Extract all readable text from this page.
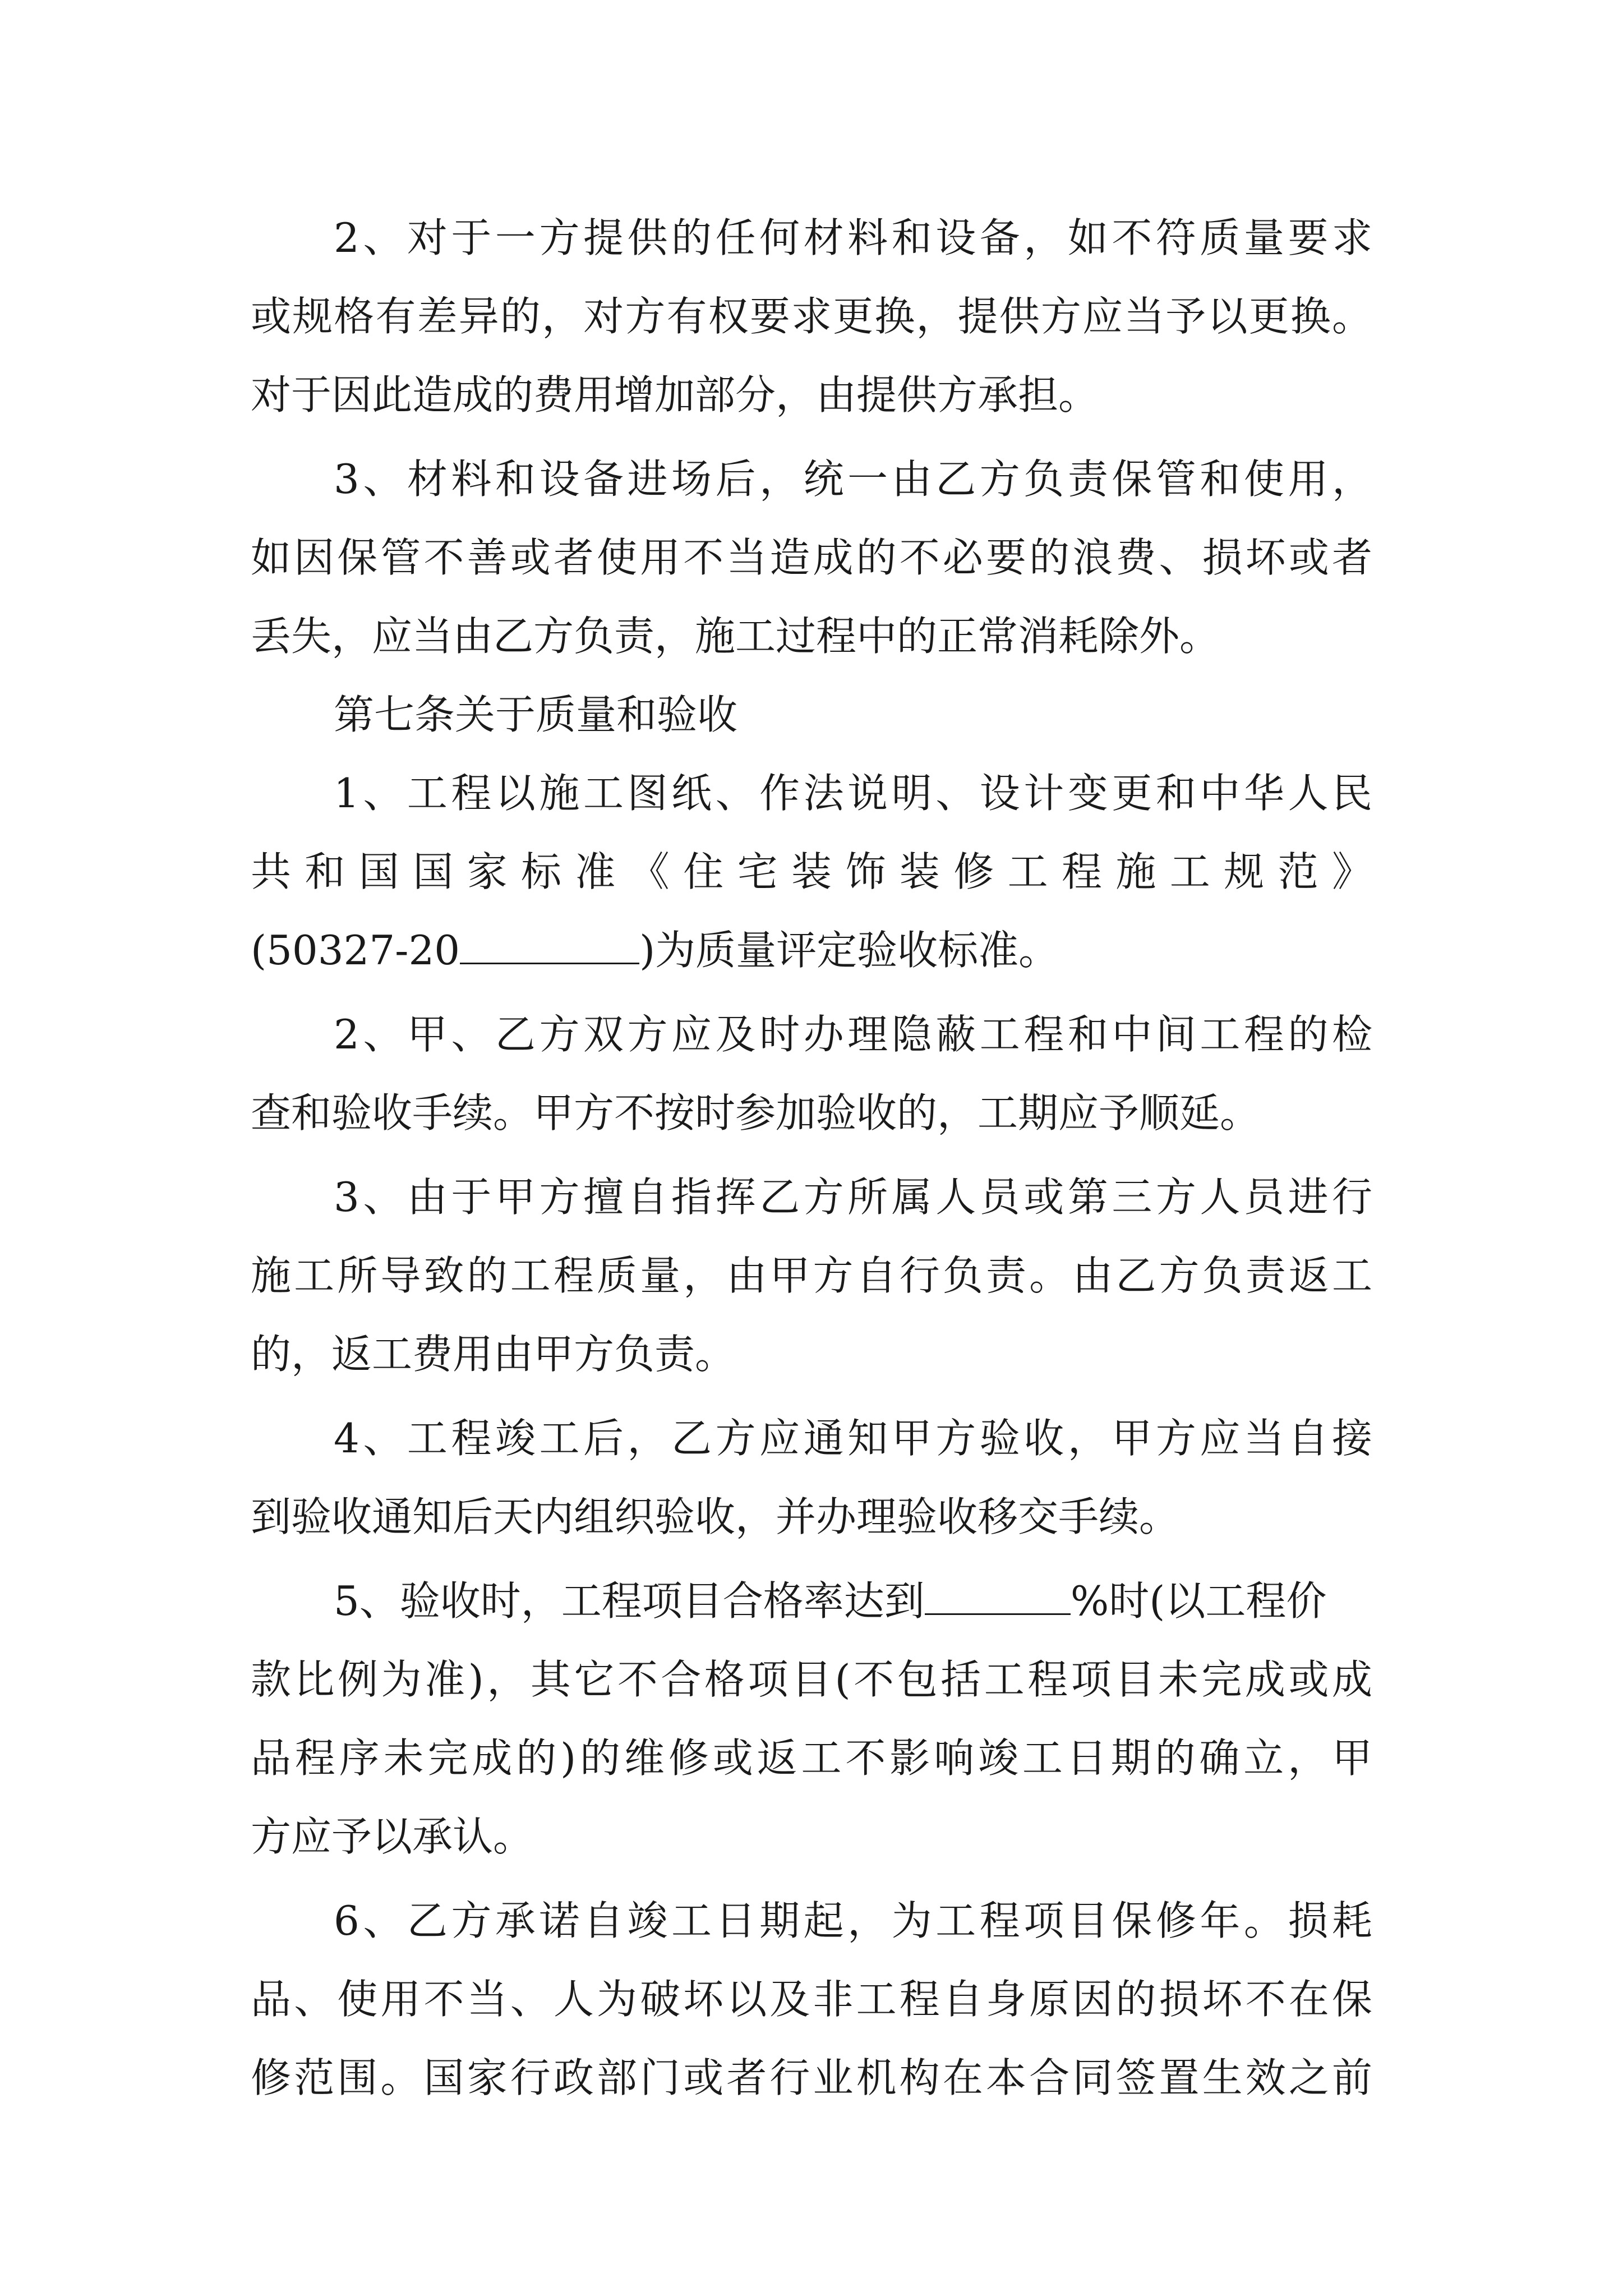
2、对于一方提供的任何材料和设备，如不符质量要求
或规格有差异的，对方有权要求更换，提供方应当予以更换。
对于因此造成的费用增加部分，由提供方承担。
3、材料和设备进场后，统一由乙方负责保管和使用，
如因保管不善或者使用不当造成的不必要的浪费、损坏或者
丢失，应当由乙方负责，施工过程中的正常消耗除外。
第七条关于质量和验收
1、工程以施工图纸、作法说明、设计变更和中华人民
共和国国家标准《住宅装饰装修工程施工规范》
(50327-20	)为质量评定验收标准。
2、甲、乙方双方应及时办理隐蔽工程和中间工程的检
查和验收手续。甲方不按时参加验收的，工期应予顺延。
3、由于甲方擅自指挥乙方所属人员或第三方人员进行
施工所导致的工程质量，由甲方自行负责。由乙方负责返工
的，返工费用由甲方负责。
4、工程竣工后，乙方应通知甲方验收，甲方应当自接
到验收通知后天内组织验收，并办理验收移交手续。
5、验收时，工程项目合格率达到	%时(以工程价
款比例为准)，其它不合格项目(不包括工程项目未完成或成
品程序未完成的)的维修或返工不影响竣工日期的确立，甲
方应予以承认。
6、乙方承诺自竣工日期起，为工程项目保修年。损耗
品、使用不当、人为破坏以及非工程自身原因的损坏不在保
修范围。国家行政部门或者行业机构在本合同签置生效之前
